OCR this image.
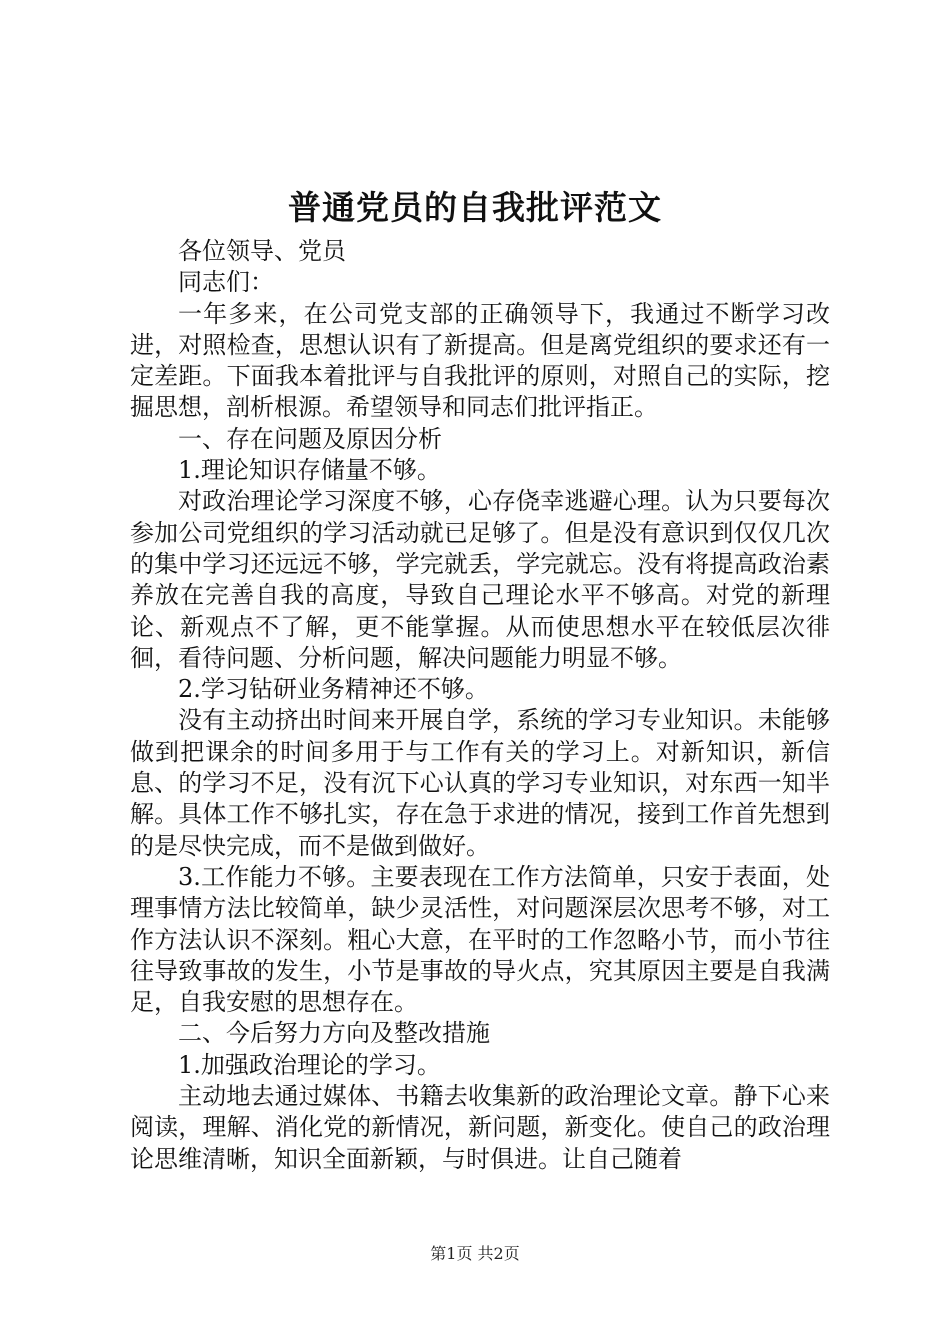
普通党员的自我批评范文

各位领导、党员

同志们：

一年多来，在公司党支部的正确领导下，我通过不断学习改进，对照检查，思想认识有了新提高。但是离党组织的要求还有一定差距。下面我本着批评与自我批评的原则，对照自己的实际，挖掘思想，剖析根源。希望领导和同志们批评指正。

一、存在问题及原因分析

1.理论知识存储量不够。

对政治理论学习深度不够，心存侥幸逃避心理。认为只要每次参加公司党组织的学习活动就已足够了。但是没有意识到仅仅几次的集中学习还远远不够，学完就丢，学完就忘。没有将提高政治素养放在完善自我的高度，导致自己理论水平不够高。对党的新理论、新观点不了解，更不能掌握。从而使思想水平在较低层次徘徊，看待问题、分析问题，解决问题能力明显不够。

2.学习钻研业务精神还不够。

没有主动挤出时间来开展自学，系统的学习专业知识。未能够做到把课余的时间多用于与工作有关的学习上。对新知识，新信息、的学习不足，没有沉下心认真的学习专业知识，对东西一知半解。具体工作不够扎实，存在急于求进的情况，接到工作首先想到的是尽快完成，而不是做到做好。

3.工作能力不够。主要表现在工作方法简单，只安于表面，处理事情方法比较简单，缺少灵活性，对问题深层次思考不够，对工作方法认识不深刻。粗心大意，在平时的工作忽略小节，而小节往往导致事故的发生，小节是事故的导火点，究其原因主要是自我满足，自我安慰的思想存在。

二、今后努力方向及整改措施

1.加强政治理论的学习。

主动地去通过媒体、书籍去收集新的政治理论文章。静下心来阅读，理解、消化党的新情况，新问题，新变化。使自己的政治理论思维清晰，知识全面新颖，与时俱进。让自己随着

第1页 共2页
